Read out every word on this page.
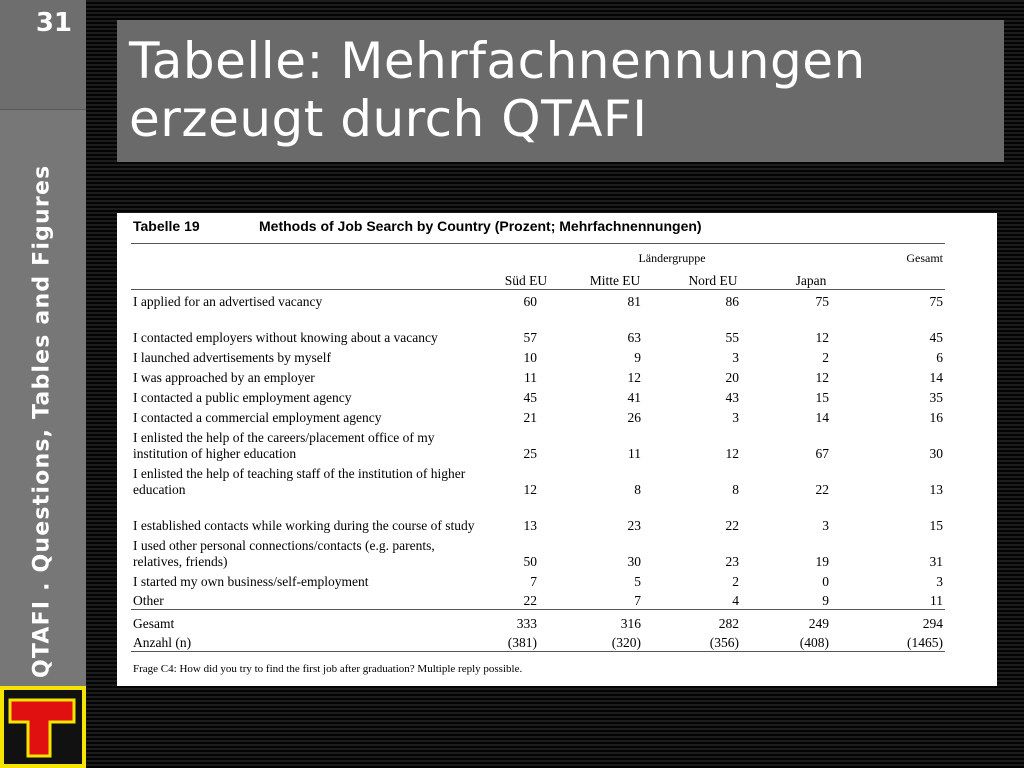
31
QTAFI . Questions, Tables and Figures
Tabelle: Mehrfachnennungen
erzeugt durch QTAFI
Tabelle 19	Methods of Job Search by Country (Prozent; Mehrfachnennungen)
	Ländergruppe				Gesamt
	Süd EU	Mitte EU	Nord EU	Japan	
I applied for an advertised vacancy	60	81	86	75	75
I contacted employers without knowing about a vacancy	57	63	55	12	45
I launched advertisements by myself	10	9	3	2	6
I was approached by an employer	11	12	20	12	14
I contacted a public employment agency	45	41	43	15	35
I contacted a commercial employment agency	21	26	3	14	16
I enlisted the help of the careers/placement office of my institution of higher education	25	11	12	67	30
I enlisted the help of teaching staff of the institution of higher education	12	8	8	22	13
I established contacts while working during the course of study	13	23	22	3	15
I used other personal connections/contacts (e.g. parents, relatives, friends)	50	30	23	19	31
I started my own business/self-employment	7	5	2	0	3
Other	22	7	4	9	11
Gesamt	333	316	282	249	294
Anzahl (n)	(381)	(320)	(356)	(408)	(1465)
Frage C4: How did you try to find the first job after graduation? Multiple reply possible.
